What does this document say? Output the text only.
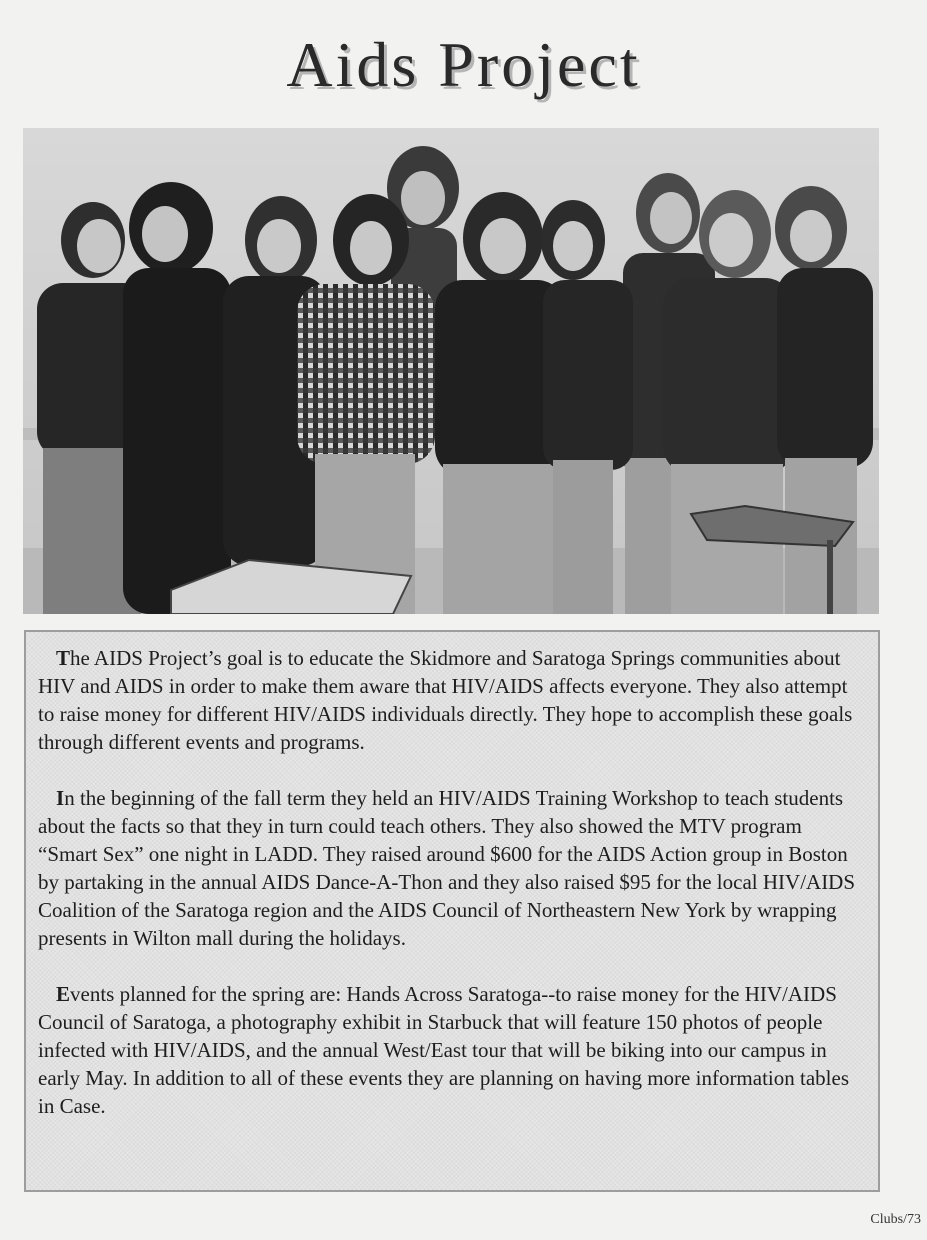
Aids Project

The AIDS Project’s goal is to educate the Skidmore and Saratoga Springs communities about HIV and AIDS in order to make them aware that HIV/AIDS affects everyone. They also attempt to raise money for different HIV/AIDS individuals directly. They hope to accomplish these goals through different events and programs.

In the beginning of the fall term they held an HIV/AIDS Training Workshop to teach students about the facts so that they in turn could teach others. They also showed the MTV program “Smart Sex” one night in LADD. They raised around $600 for the AIDS Action group in Boston by partaking in the annual AIDS Dance-A-Thon and they also raised $95 for the local HIV/AIDS Coalition of the Saratoga region and the AIDS Council of Northeastern New York by wrapping presents in Wilton mall during the holidays.

Events planned for the spring are: Hands Across Saratoga--to raise money for the HIV/AIDS Council of Saratoga, a photography exhibit in Starbuck that will feature 150 photos of people infected with HIV/AIDS, and the annual West/East tour that will be biking into our campus in early May. In addition to all of these events they are planning on having more information tables in Case.

Clubs/73
